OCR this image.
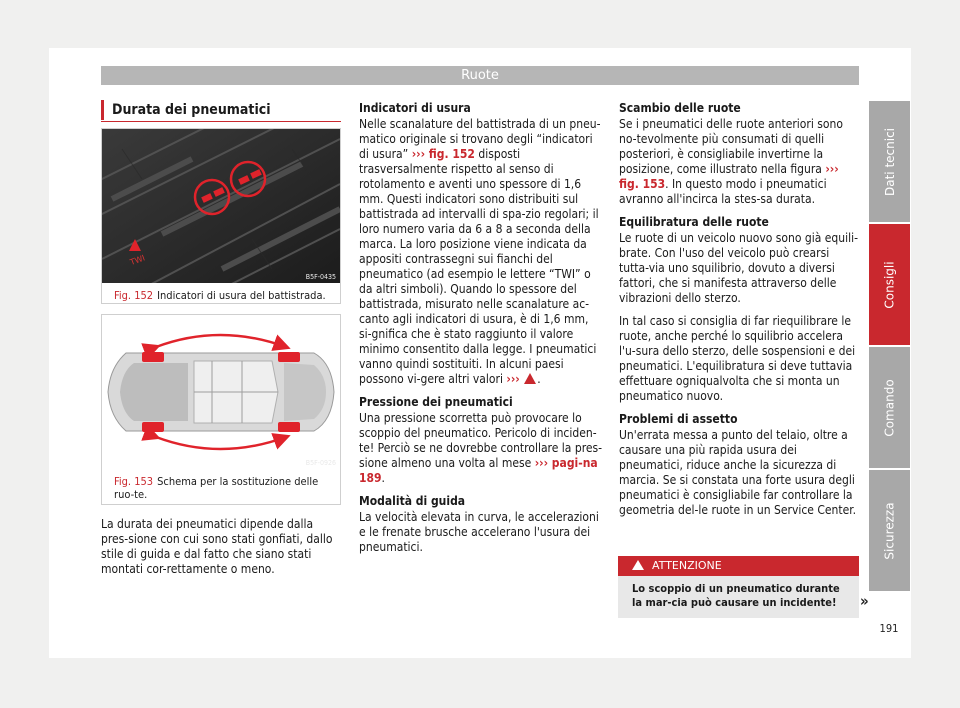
Ruote
Durata dei pneumatici
TWI
B5F-0435
Fig. 152 Indicatori di usura del battistrada.
B5F-0926
Fig. 153 Schema per la sostituzione delle ruo-te.

La durata dei pneumatici dipende dalla pres-sione con cui sono stati gonfiati, dallo stile di guida e dal fatto che siano stati montati cor-rettamente o meno.

Indicatori di usura

Nelle scanalature del battistrada di un pneu-matico originale si trovano degli “indicatori di usura” ››› fig. 152 disposti trasversalmente rispetto al senso di rotolamento e aventi uno spessore di 1,6 mm. Questi indicatori sono distribuiti sul battistrada ad intervalli di spa-zio regolari; il loro numero varia da 6 a 8 a seconda della marca. La loro posizione viene indicata da appositi contrassegni sui fianchi del pneumatico (ad esempio le lettere “TWI” o da altri simboli). Quando lo spessore del battistrada, misurato nelle scanalature ac-canto agli indicatori di usura, è di 1,6 mm, si-gnifica che è stato raggiunto il valore minimo consentito dalla legge. I pneumatici vanno quindi sostituiti. In alcuni paesi possono vi-gere altri valori ››› .

Pressione dei pneumatici

Una pressione scorretta può provocare lo scoppio del pneumatico. Pericolo di inciden-te! Perciò se ne dovrebbe controllare la pres-sione almeno una volta al mese ››› pagi-na 189.

Modalità di guida

La velocità elevata in curva, le accelerazioni e le frenate brusche accelerano l'usura dei pneumatici.

Scambio delle ruote

Se i pneumatici delle ruote anteriori sono no-tevolmente più consumati di quelli posteriori, è consigliabile invertirne la posizione, come illustrato nella figura ››› fig. 153. In questo modo i pneumatici avranno all'incirca la stes-sa durata.

Equilibratura delle ruote

Le ruote di un veicolo nuovo sono già equili-brate. Con l'uso del veicolo può crearsi tutta-via uno squilibrio, dovuto a diversi fattori, che si manifesta attraverso delle vibrazioni dello sterzo.

In tal caso si consiglia di far riequilibrare le ruote, anche perché lo squilibrio accelera l'u-sura dello sterzo, delle sospensioni e dei pneumatici. L'equilibratura si deve tuttavia effettuare ogniqualvolta che si monta un pneumatico nuovo.

Problemi di assetto

Un'errata messa a punto del telaio, oltre a causare una più rapida usura dei pneumatici, riduce anche la sicurezza di marcia. Se si constata una forte usura degli pneumatici è consigliabile far controllare la geometria del-le ruote in un Service Center.

ATTENZIONE
Lo scoppio di un pneumatico durante la mar-cia può causare un incidente!	»
Dati tecnici
Consigli
Comando
Sicurezza
191
